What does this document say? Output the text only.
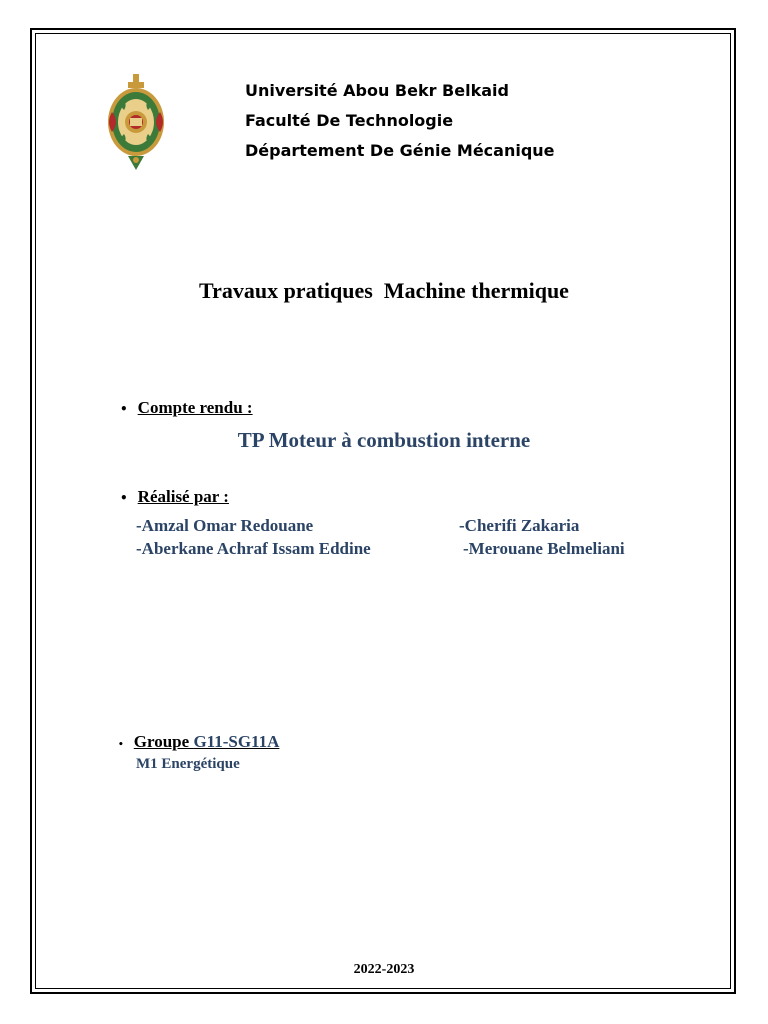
Université Abou Bekr Belkaid
Faculté De Technologie
Département De Génie Mécanique
Travaux pratiques  Machine thermique
• Compte rendu :
TP Moteur à combustion interne
• Réalisé par :
-Amzal Omar Redouane	-Cherifi Zakaria
-Aberkane Achraf Issam Eddine	-Merouane Belmeliani
• Groupe G11-SG11A
M1 Energétique
2022-2023
